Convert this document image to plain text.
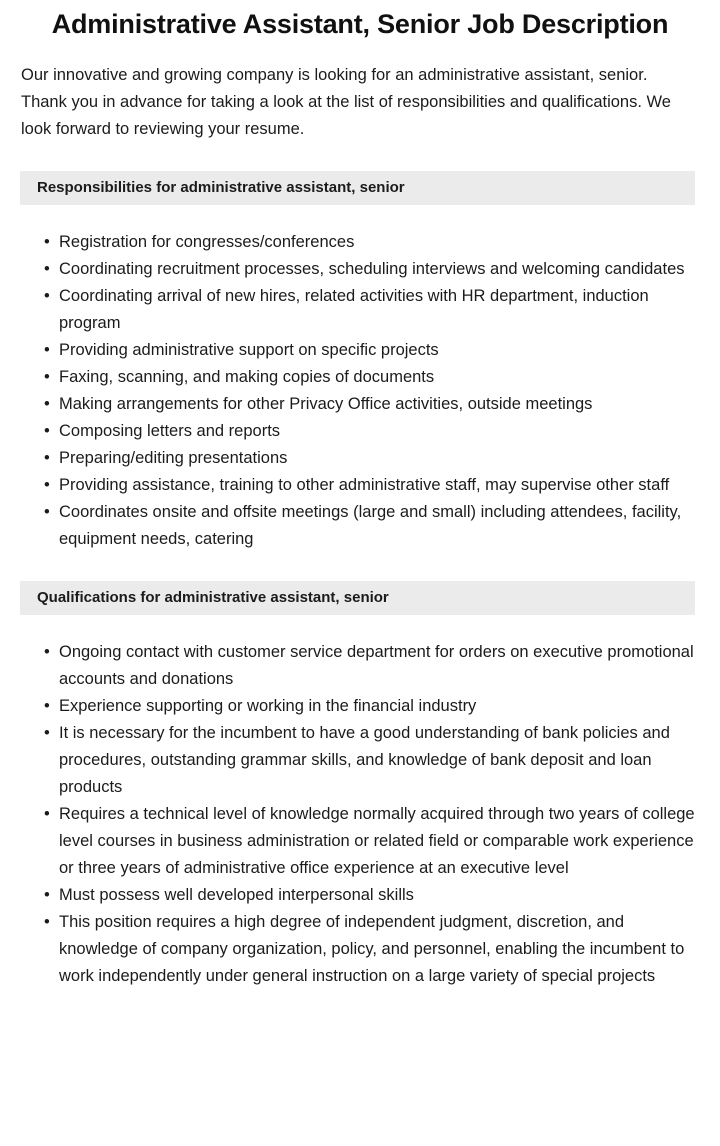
Administrative Assistant, Senior Job Description

Our innovative and growing company is looking for an administrative assistant, senior. Thank you in advance for taking a look at the list of responsibilities and qualifications. We look forward to reviewing your resume.

Responsibilities for administrative assistant, senior
• Registration for congresses/conferences
• Coordinating recruitment processes, scheduling interviews and welcoming candidates
• Coordinating arrival of new hires, related activities with HR department, induction program
• Providing administrative support on specific projects
• Faxing, scanning, and making copies of documents
• Making arrangements for other Privacy Office activities, outside meetings
• Composing letters and reports
• Preparing/editing presentations
• Providing assistance, training to other administrative staff, may supervise other staff
• Coordinates onsite and offsite meetings (large and small) including attendees, facility, equipment needs, catering
Qualifications for administrative assistant, senior
• Ongoing contact with customer service department for orders on executive promotional accounts and donations
• Experience supporting or working in the financial industry
• It is necessary for the incumbent to have a good understanding of bank policies and procedures, outstanding grammar skills, and knowledge of bank deposit and loan products
• Requires a technical level of knowledge normally acquired through two years of college level courses in business administration or related field or comparable work experience or three years of administrative office experience at an executive level
• Must possess well developed interpersonal skills
• This position requires a high degree of independent judgment, discretion, and knowledge of company organization, policy, and personnel, enabling the incumbent to work independently under general instruction on a large variety of special projects
